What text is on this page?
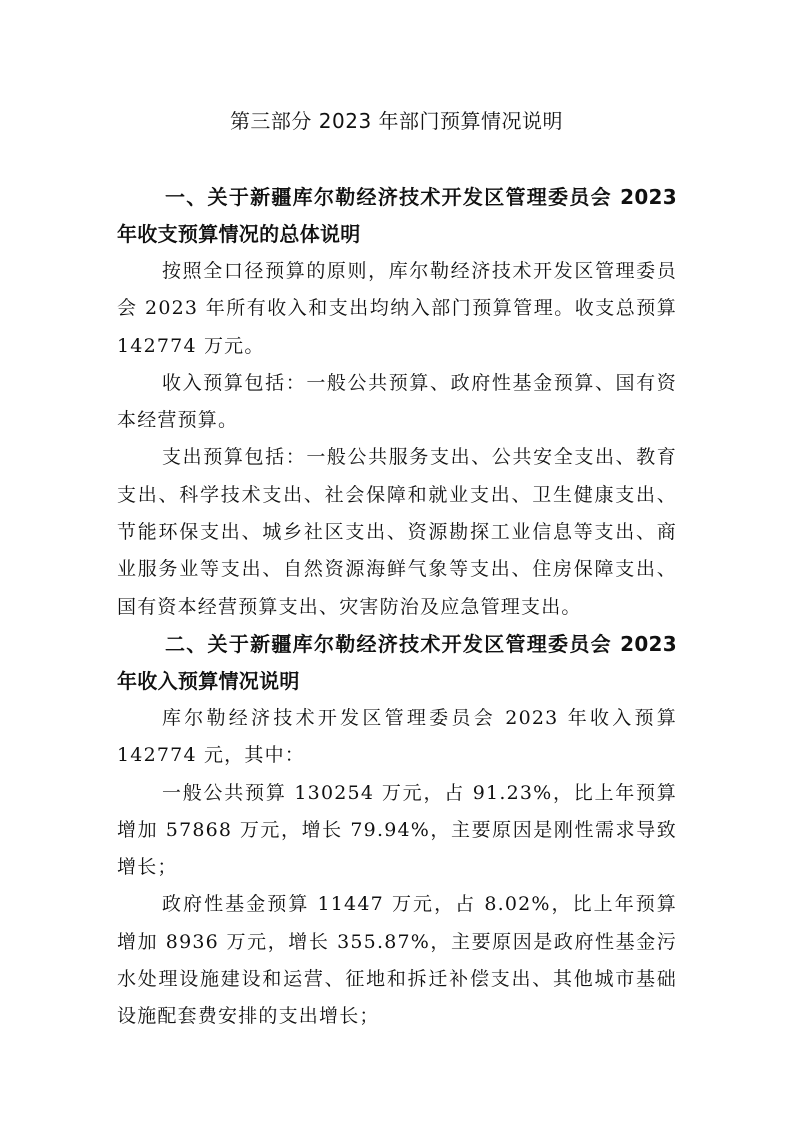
第三部分 2023 年部门预算情况说明

一、关于新疆库尔勒经济技术开发区管理委员会 2023 年收支预算情况的总体说明

按照全口径预算的原则，库尔勒经济技术开发区管理委员会 2023 年所有收入和支出均纳入部门预算管理。收支总预算 142774 万元。

收入预算包括：一般公共预算、政府性基金预算、国有资本经营预算。

支出预算包括：一般公共服务支出、公共安全支出、教育支出、科学技术支出、社会保障和就业支出、卫生健康支出、节能环保支出、城乡社区支出、资源勘探工业信息等支出、商业服务业等支出、自然资源海鲜气象等支出、住房保障支出、国有资本经营预算支出、灾害防治及应急管理支出。

二、关于新疆库尔勒经济技术开发区管理委员会 2023 年收入预算情况说明

库尔勒经济技术开发区管理委员会 2023 年收入预算 142774 元，其中：

一般公共预算 130254 万元，占 91.23%，比上年预算增加 57868 万元，增长 79.94%，主要原因是刚性需求导致增长；

政府性基金预算 11447 万元，占 8.02%，比上年预算增加 8936 万元，增长 355.87%，主要原因是政府性基金污水处理设施建设和运营、征地和拆迁补偿支出、其他城市基础设施配套费安排的支出增长；
